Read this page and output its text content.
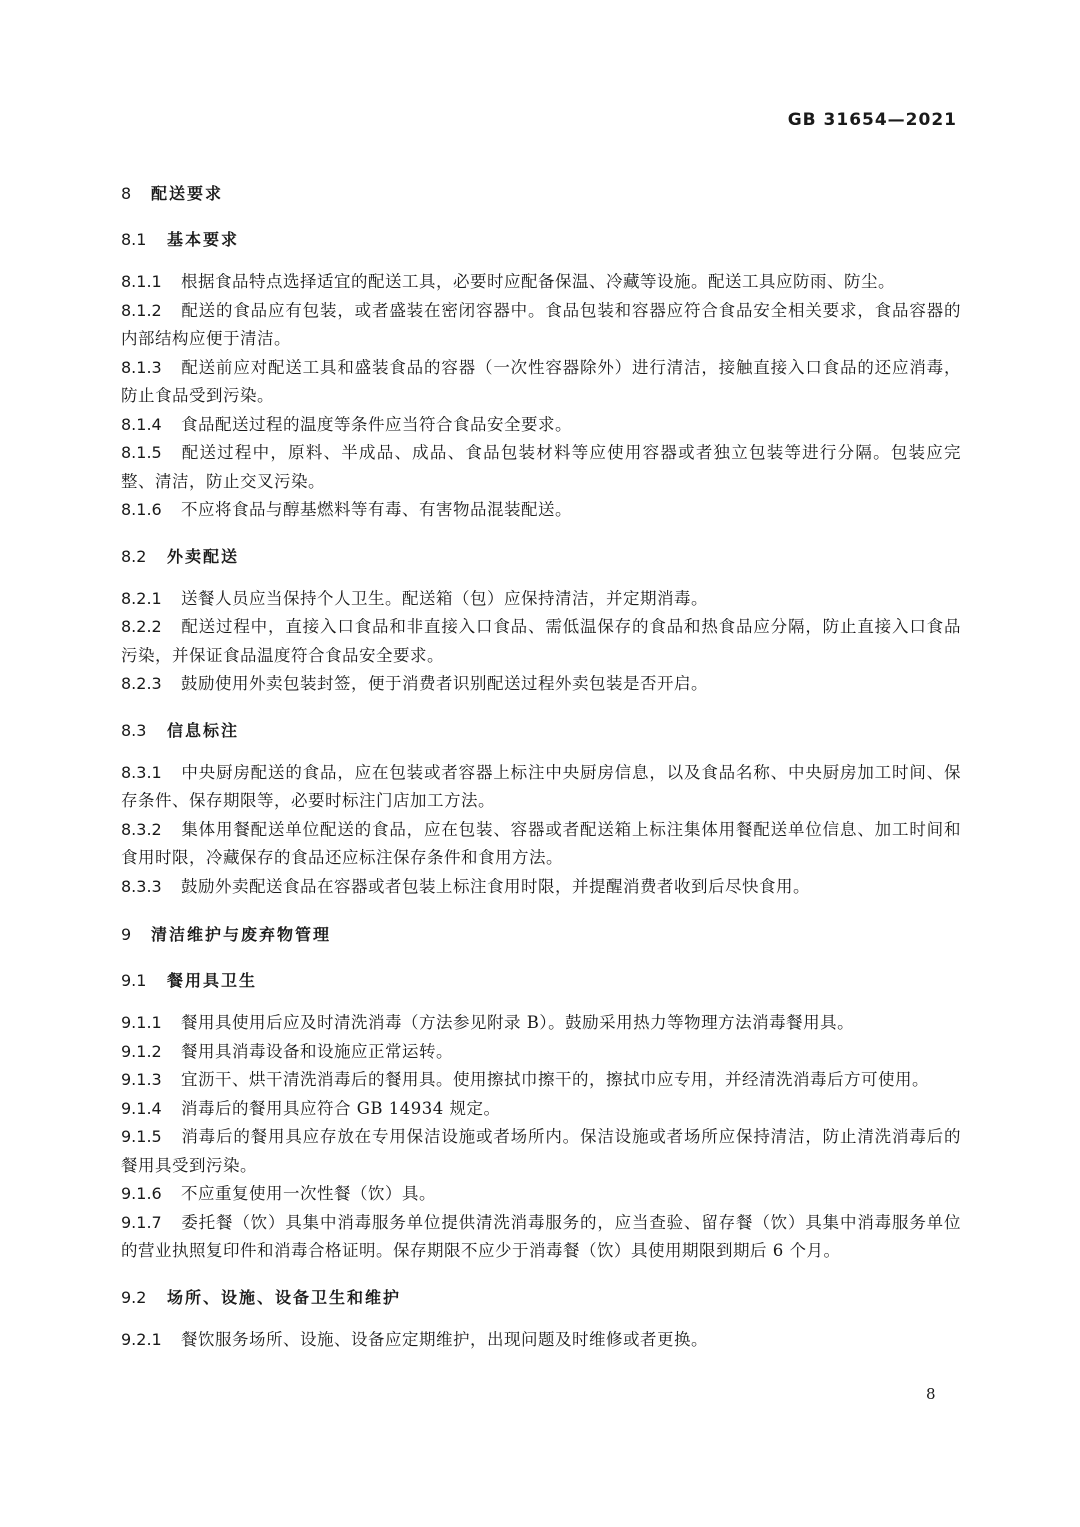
GB 31654—2021
8 配送要求
8.1 基本要求

8.1.1 根据食品特点选择适宜的配送工具，必要时应配备保温、冷藏等设施。配送工具应防雨、防尘。

8.1.2 配送的食品应有包装，或者盛装在密闭容器中。食品包装和容器应符合食品安全相关要求，食品容器的内部结构应便于清洁。

8.1.3 配送前应对配送工具和盛装食品的容器（一次性容器除外）进行清洁，接触直接入口食品的还应消毒，防止食品受到污染。

8.1.4 食品配送过程的温度等条件应当符合食品安全要求。

8.1.5 配送过程中，原料、半成品、成品、食品包装材料等应使用容器或者独立包装等进行分隔。包装应完整、清洁，防止交叉污染。

8.1.6 不应将食品与醇基燃料等有毒、有害物品混装配送。

8.2 外卖配送

8.2.1 送餐人员应当保持个人卫生。配送箱（包）应保持清洁，并定期消毒。

8.2.2 配送过程中，直接入口食品和非直接入口食品、需低温保存的食品和热食品应分隔，防止直接入口食品污染，并保证食品温度符合食品安全要求。

8.2.3 鼓励使用外卖包装封签，便于消费者识别配送过程外卖包装是否开启。

8.3 信息标注

8.3.1 中央厨房配送的食品，应在包装或者容器上标注中央厨房信息，以及食品名称、中央厨房加工时间、保存条件、保存期限等，必要时标注门店加工方法。

8.3.2 集体用餐配送单位配送的食品，应在包装、容器或者配送箱上标注集体用餐配送单位信息、加工时间和食用时限，冷藏保存的食品还应标注保存条件和食用方法。

8.3.3 鼓励外卖配送食品在容器或者包装上标注食用时限，并提醒消费者收到后尽快食用。

9 清洁维护与废弃物管理
9.1 餐用具卫生

9.1.1 餐用具使用后应及时清洗消毒（方法参见附录 B）。鼓励采用热力等物理方法消毒餐用具。

9.1.2 餐用具消毒设备和设施应正常运转。

9.1.3 宜沥干、烘干清洗消毒后的餐用具。使用擦拭巾擦干的，擦拭巾应专用，并经清洗消毒后方可使用。

9.1.4 消毒后的餐用具应符合 GB 14934 规定。

9.1.5 消毒后的餐用具应存放在专用保洁设施或者场所内。保洁设施或者场所应保持清洁，防止清洗消毒后的餐用具受到污染。

9.1.6 不应重复使用一次性餐（饮）具。

9.1.7 委托餐（饮）具集中消毒服务单位提供清洗消毒服务的，应当查验、留存餐（饮）具集中消毒服务单位的营业执照复印件和消毒合格证明。保存期限不应少于消毒餐（饮）具使用期限到期后 6 个月。

9.2 场所、设施、设备卫生和维护

9.2.1 餐饮服务场所、设施、设备应定期维护，出现问题及时维修或者更换。

8
